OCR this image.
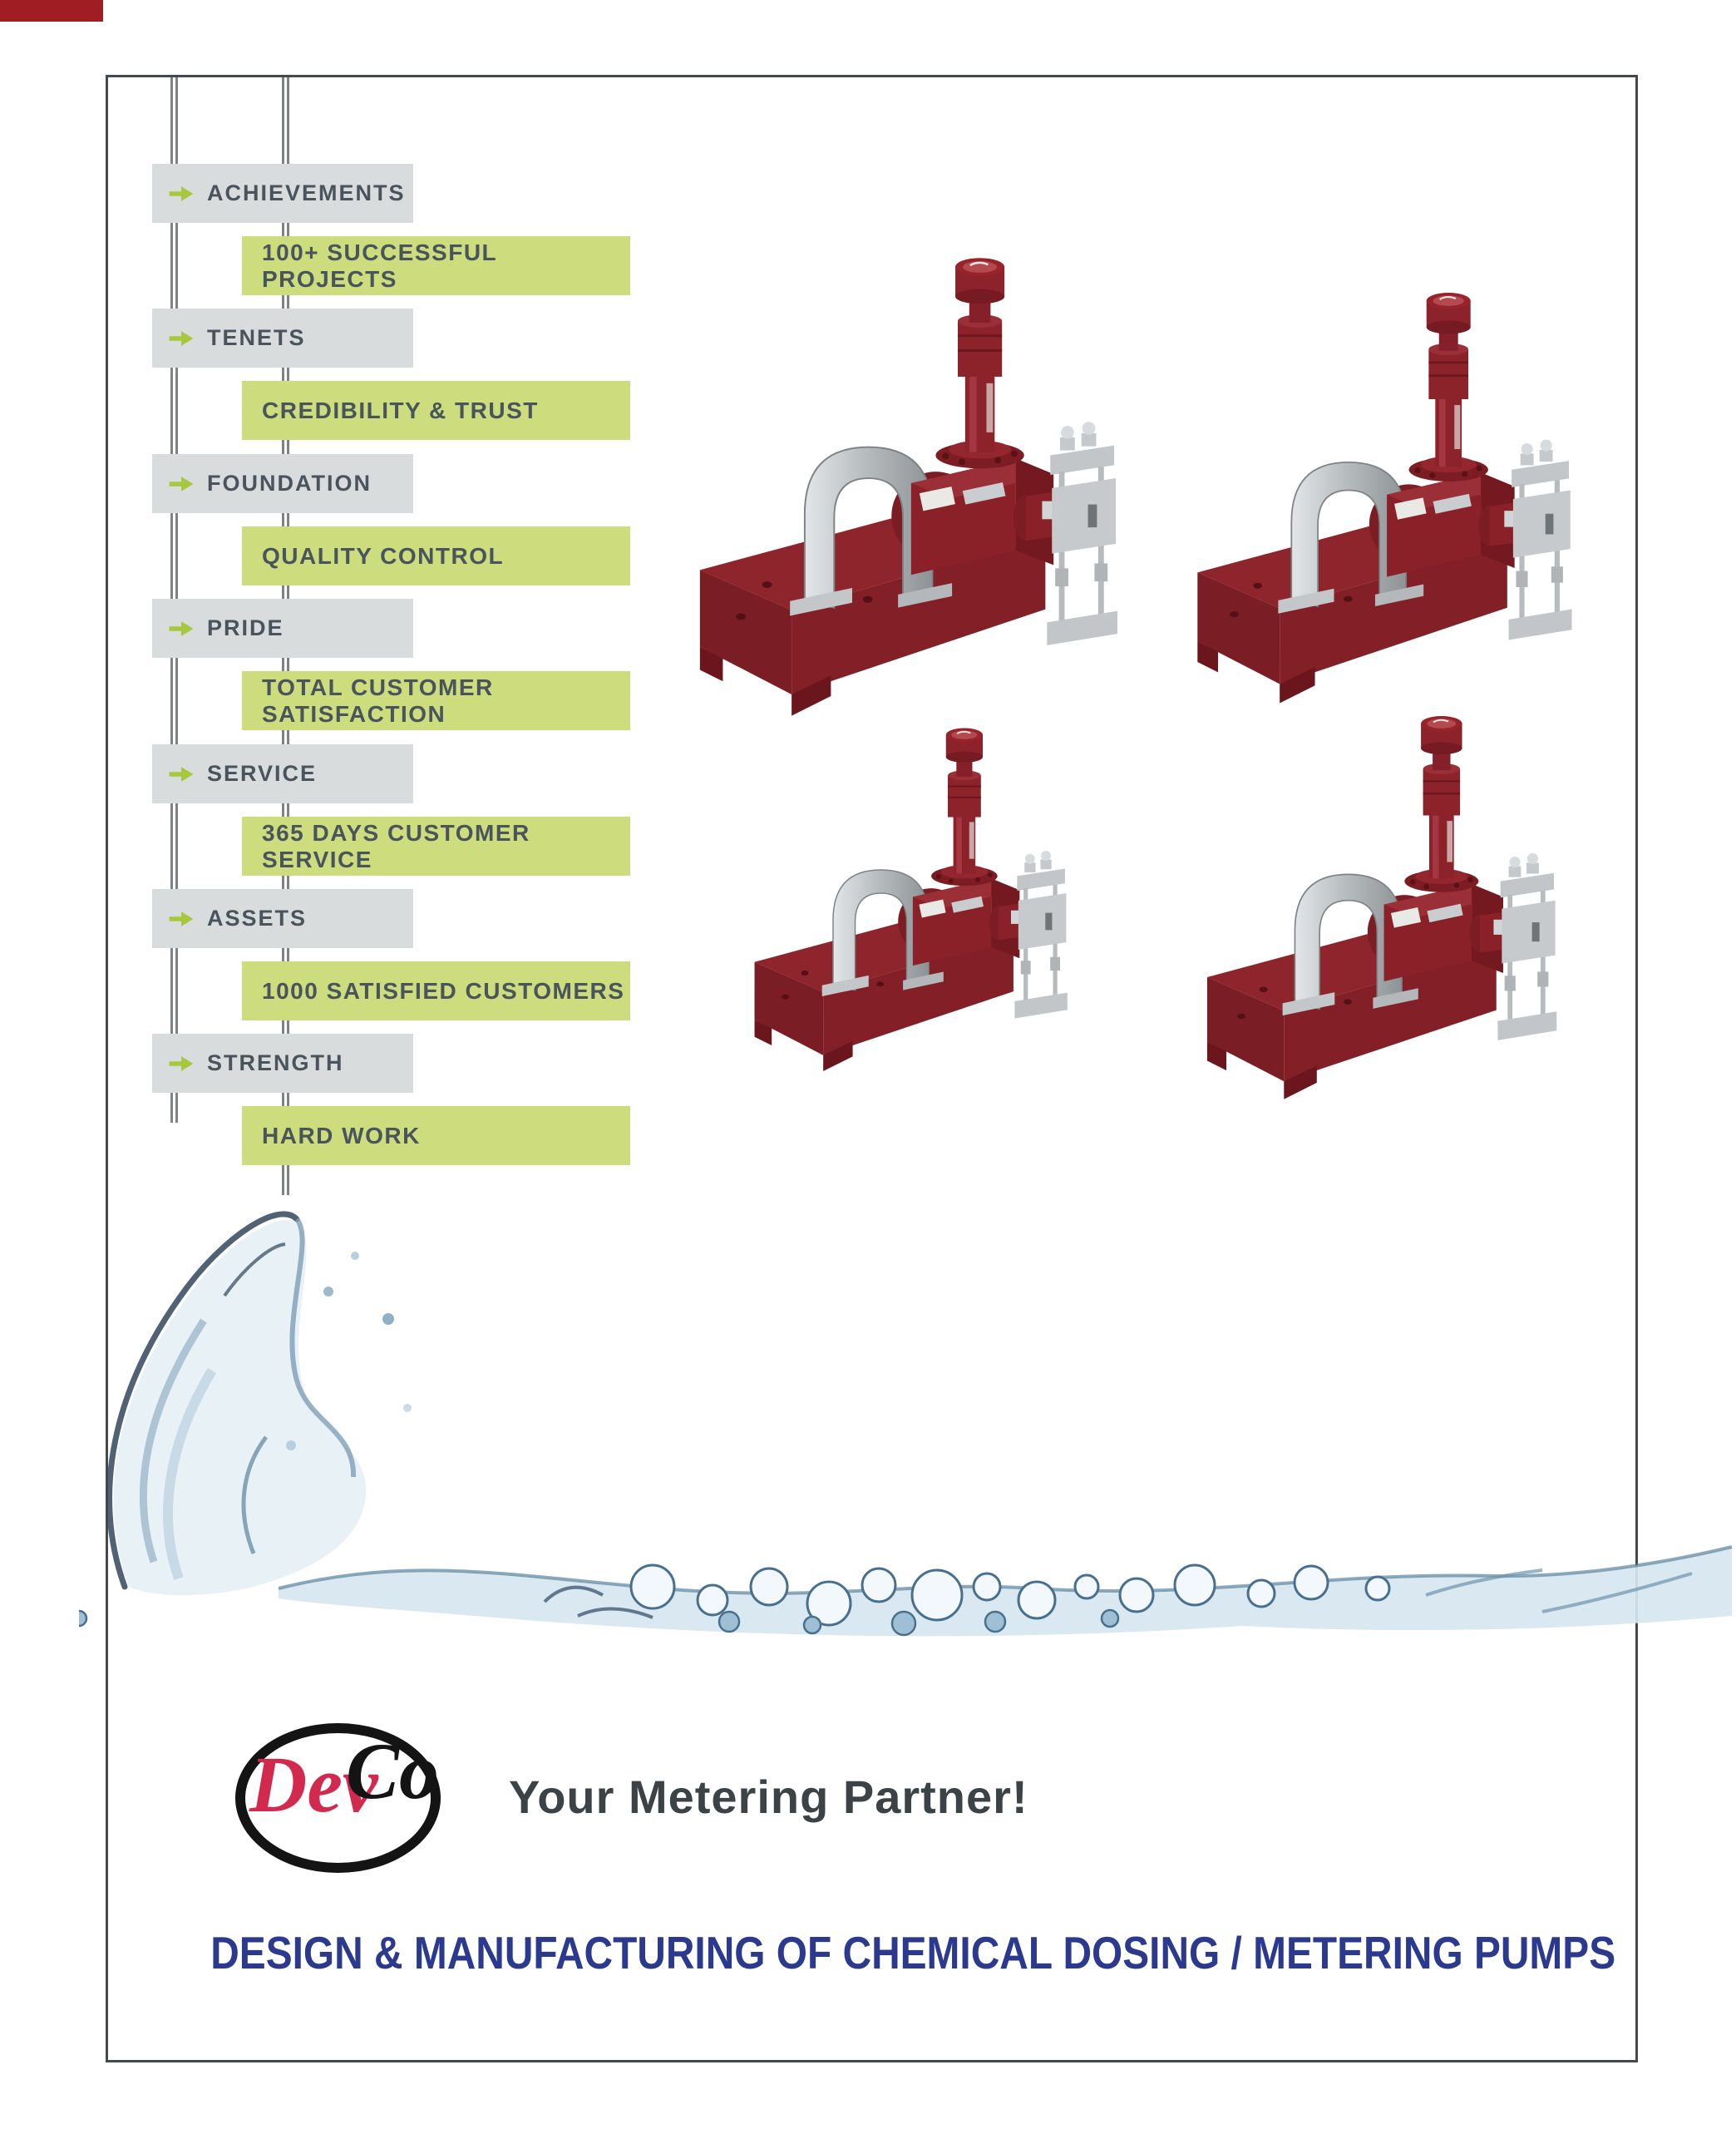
ACHIEVEMENTS
100+ SUCCESSFUL PROJECTS
TENETS
CREDIBILITY & TRUST
FOUNDATION
QUALITY CONTROL
PRIDE
TOTAL CUSTOMER SATISFACTION
SERVICE
365 DAYS CUSTOMER SERVICE
ASSETS
1000 SATISFIED CUSTOMERS
STRENGTH
HARD WORK
Dev
Co Your Metering Partner!
DESIGN & MANUFACTURING OF CHEMICAL DOSING / METERING PUMPS
